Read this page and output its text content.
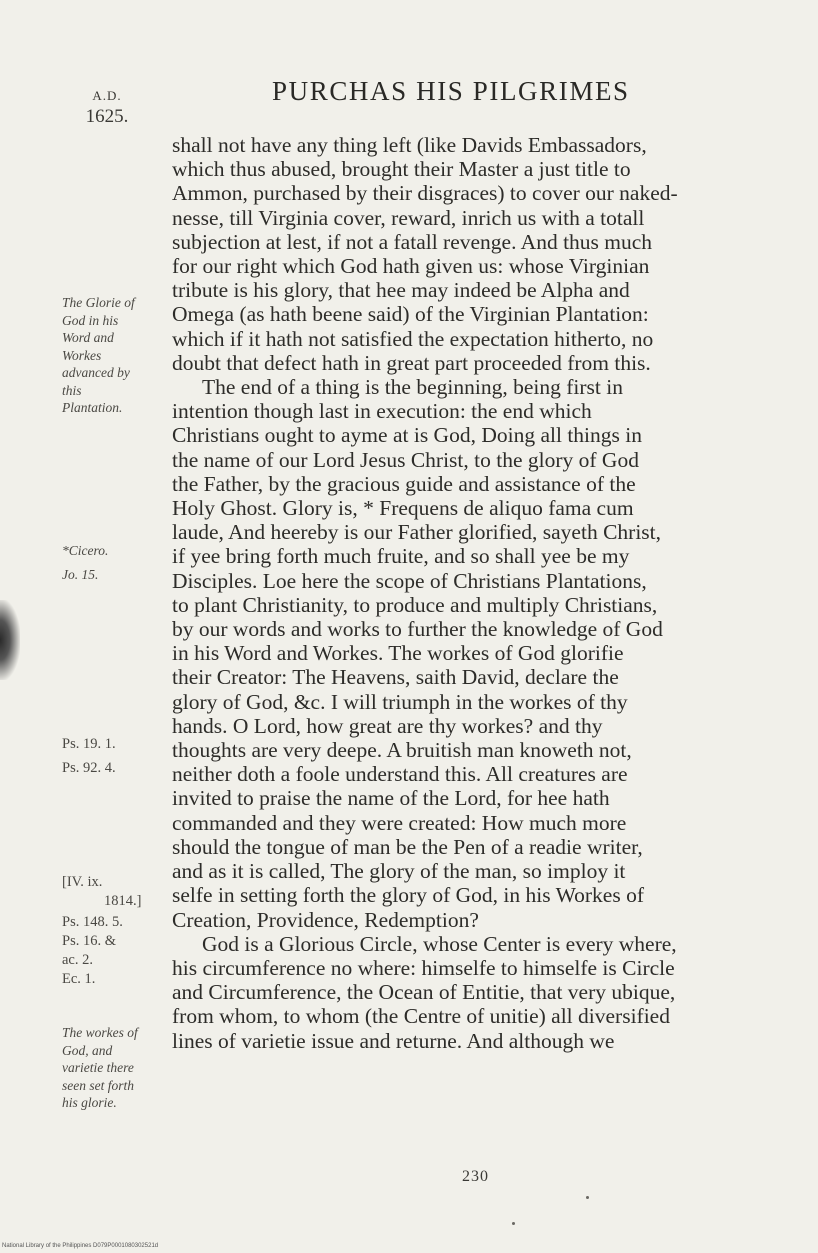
A.D.
1625.
PURCHAS HIS PILGRIMES
shall not have any thing left (like Davids Embassadors,
which thus abused, brought their Master a just title to
Ammon, purchased by their disgraces) to cover our naked-
nesse, till Virginia cover, reward, inrich us with a totall
subjection at lest, if not a fatall revenge. And thus much
for our right which God hath given us: whose Virginian
tribute is his glory, that hee may indeed be Alpha and
Omega (as hath beene said) of the Virginian Plantation:
which if it hath not satisfied the expectation hitherto, no
doubt that defect hath in great part proceeded from this.
The end of a thing is the beginning, being first in
intention though last in execution: the end which
Christians ought to ayme at is God, Doing all things in
the name of our Lord Jesus Christ, to the glory of God
the Father, by the gracious guide and assistance of the
Holy Ghost. Glory is, * Frequens de aliquo fama cum
laude, And heereby is our Father glorified, sayeth Christ,
if yee bring forth much fruite, and so shall yee be my
Disciples. Loe here the scope of Christians Plantations,
to plant Christianity, to produce and multiply Christians,
by our words and works to further the knowledge of God
in his Word and Workes. The workes of God glorifie
their Creator: The Heavens, saith David, declare the
glory of God, &c. I will triumph in the workes of thy
hands. O Lord, how great are thy workes? and thy
thoughts are very deepe. A bruitish man knoweth not,
neither doth a foole understand this. All creatures are
invited to praise the name of the Lord, for hee hath
commanded and they were created: How much more
should the tongue of man be the Pen of a readie writer,
and as it is called, The glory of the man, so imploy it
selfe in setting forth the glory of God, in his Workes of
Creation, Providence, Redemption?
God is a Glorious Circle, whose Center is every where,
his circumference no where: himselfe to himselfe is Circle
and Circumference, the Ocean of Entitie, that very ubique,
from whom, to whom (the Centre of unitie) all diversified
lines of varietie issue and returne. And although we
The Glorie of
God in his
Word and
Workes
advanced by
this
Plantation.
*Cicero.
Jo. 15.
Ps. 19. 1.
Ps. 92. 4.
[IV. ix.
1814.]
Ps. 148. 5.
Ps. 16. &
ac. 2.
Ec. 1.
The workes of
God, and
varietie there
seen set forth
his glorie.
230
National Library of the Philippines D079P0001080302521d
